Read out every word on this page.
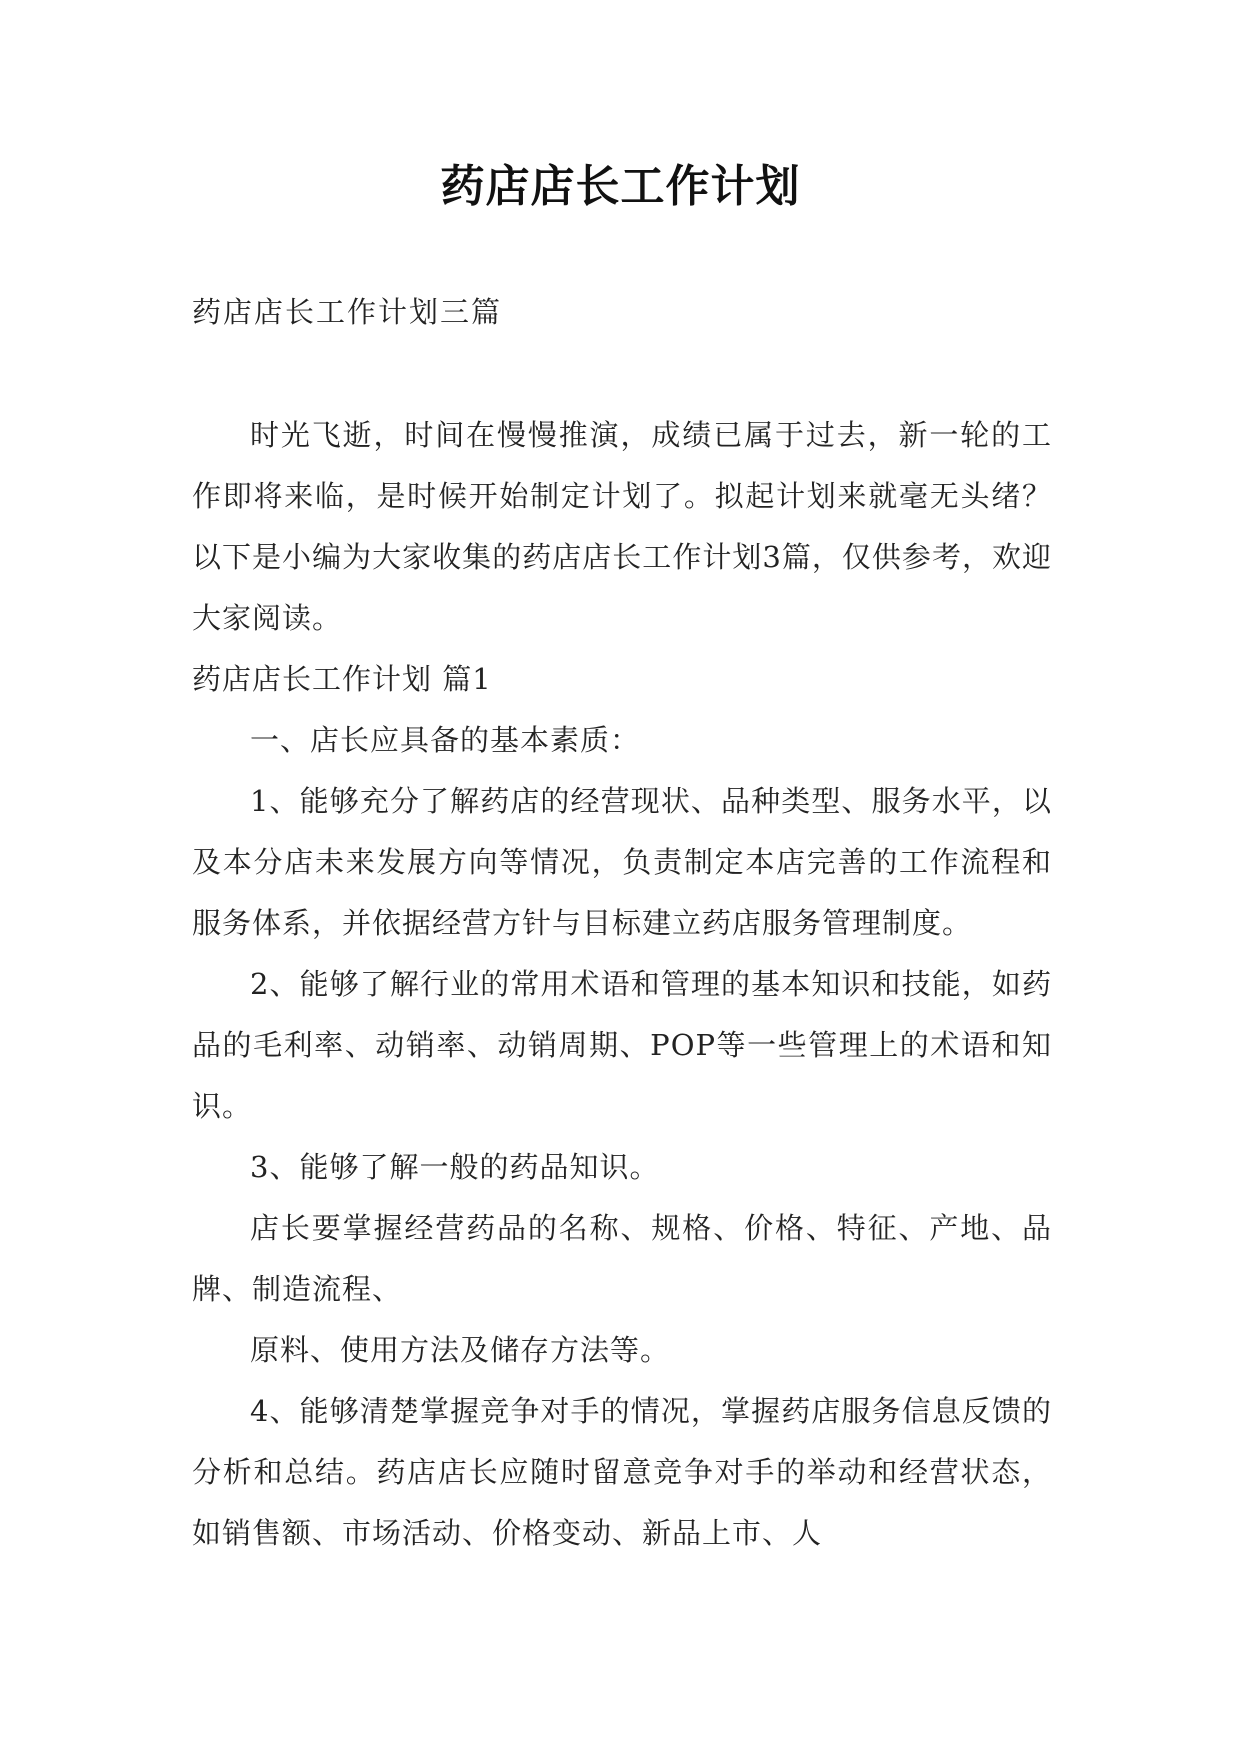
药店店长工作计划
药店店长工作计划三篇

时光飞逝，时间在慢慢推演，成绩已属于过去，新一轮的工作即将来临，是时候开始制定计划了。拟起计划来就毫无头绪？以下是小编为大家收集的药店店长工作计划3篇，仅供参考，欢迎大家阅读。

药店店长工作计划 篇1

一、店长应具备的基本素质：

1、能够充分了解药店的经营现状、品种类型、服务水平，以及本分店未来发展方向等情况，负责制定本店完善的工作流程和服务体系，并依据经营方针与目标建立药店服务管理制度。

2、能够了解行业的常用术语和管理的基本知识和技能，如药品的毛利率、动销率、动销周期、POP等一些管理上的术语和知识。

3、能够了解一般的药品知识。

店长要掌握经营药品的名称、规格、价格、特征、产地、品牌、制造流程、

原料、使用方法及储存方法等。

4、能够清楚掌握竞争对手的情况，掌握药店服务信息反馈的分析和总结。药店店长应随时留意竞争对手的举动和经营状态，如销售额、市场活动、价格变动、新品上市、人
